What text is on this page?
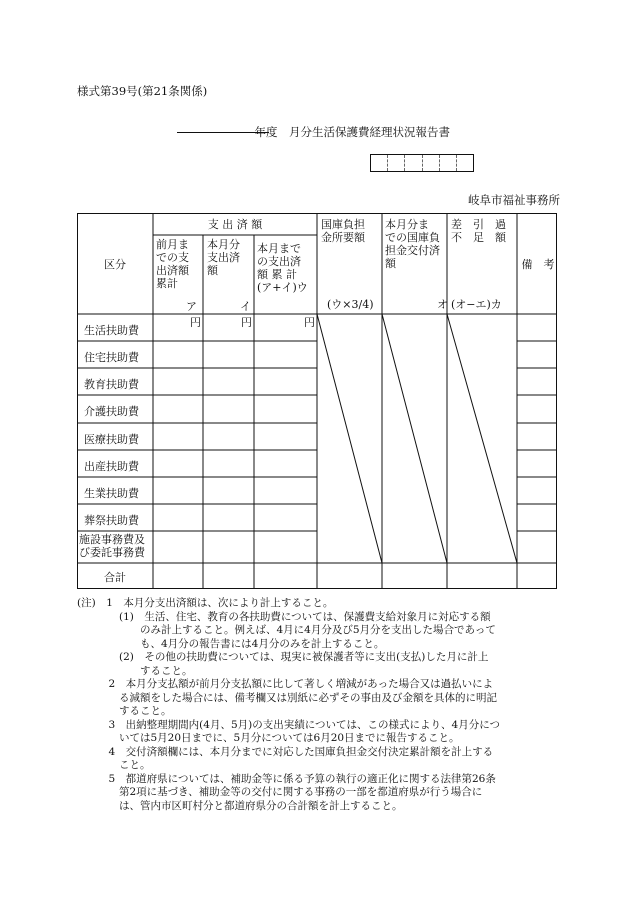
様式第39号(第21条関係)
年度　月分生活保護費経理状況報告書
岐阜市福祉事務所
区分
支 出 済 額
前月ま
での支
出済額
累計
ア
本月分
支出済
額
イ
本月まで
の支出済
額 累 計
(ア+イ)ウ
国庫負担
金所要額
(ウ×3/4)
本月分ま
での国庫負
担金交付済
額
オ
差　引　過
不　足　額
(オ−エ)カ
備　考
円	円	円
生活扶助費
住宅扶助費
教育扶助費
介護扶助費
医療扶助費
出産扶助費
生業扶助費
葬祭扶助費
施設事務費及
び委託事務費
合計
(注)　1　本月分支出済額は、次により計上すること。
　　　　(1)　生活、住宅、教育の各扶助費については、保護費支給対象月に対応する額
　　　　　　のみ計上すること。例えば、4月に4月分及び5月分を支出した場合であって
　　　　　　も、4月分の報告書には4月分のみを計上すること。
　　　　(2)　その他の扶助費については、現実に被保護者等に支出(支払)した月に計上
　　　　　　すること。
　　　2　本月分支払額が前月分支払額に比して著しく増減があった場合又は過払いによ
　　　　る減額をした場合には、備考欄又は別紙に必ずその事由及び金額を具体的に明記
　　　　すること。
　　　3　出納整理期間内(4月、5月)の支出実績については、この様式により、4月分につ
　　　　いては5月20日までに、5月分については6月20日までに報告すること。
　　　4　交付済額欄には、本月分までに対応した国庫負担金交付決定累計額を計上する
　　　　こと。
　　　5　都道府県については、補助金等に係る予算の執行の適正化に関する法律第26条
　　　　第2項に基づき、補助金等の交付に関する事務の一部を都道府県が行う場合に
　　　　は、管内市区町村分と都道府県分の合計額を計上すること。
